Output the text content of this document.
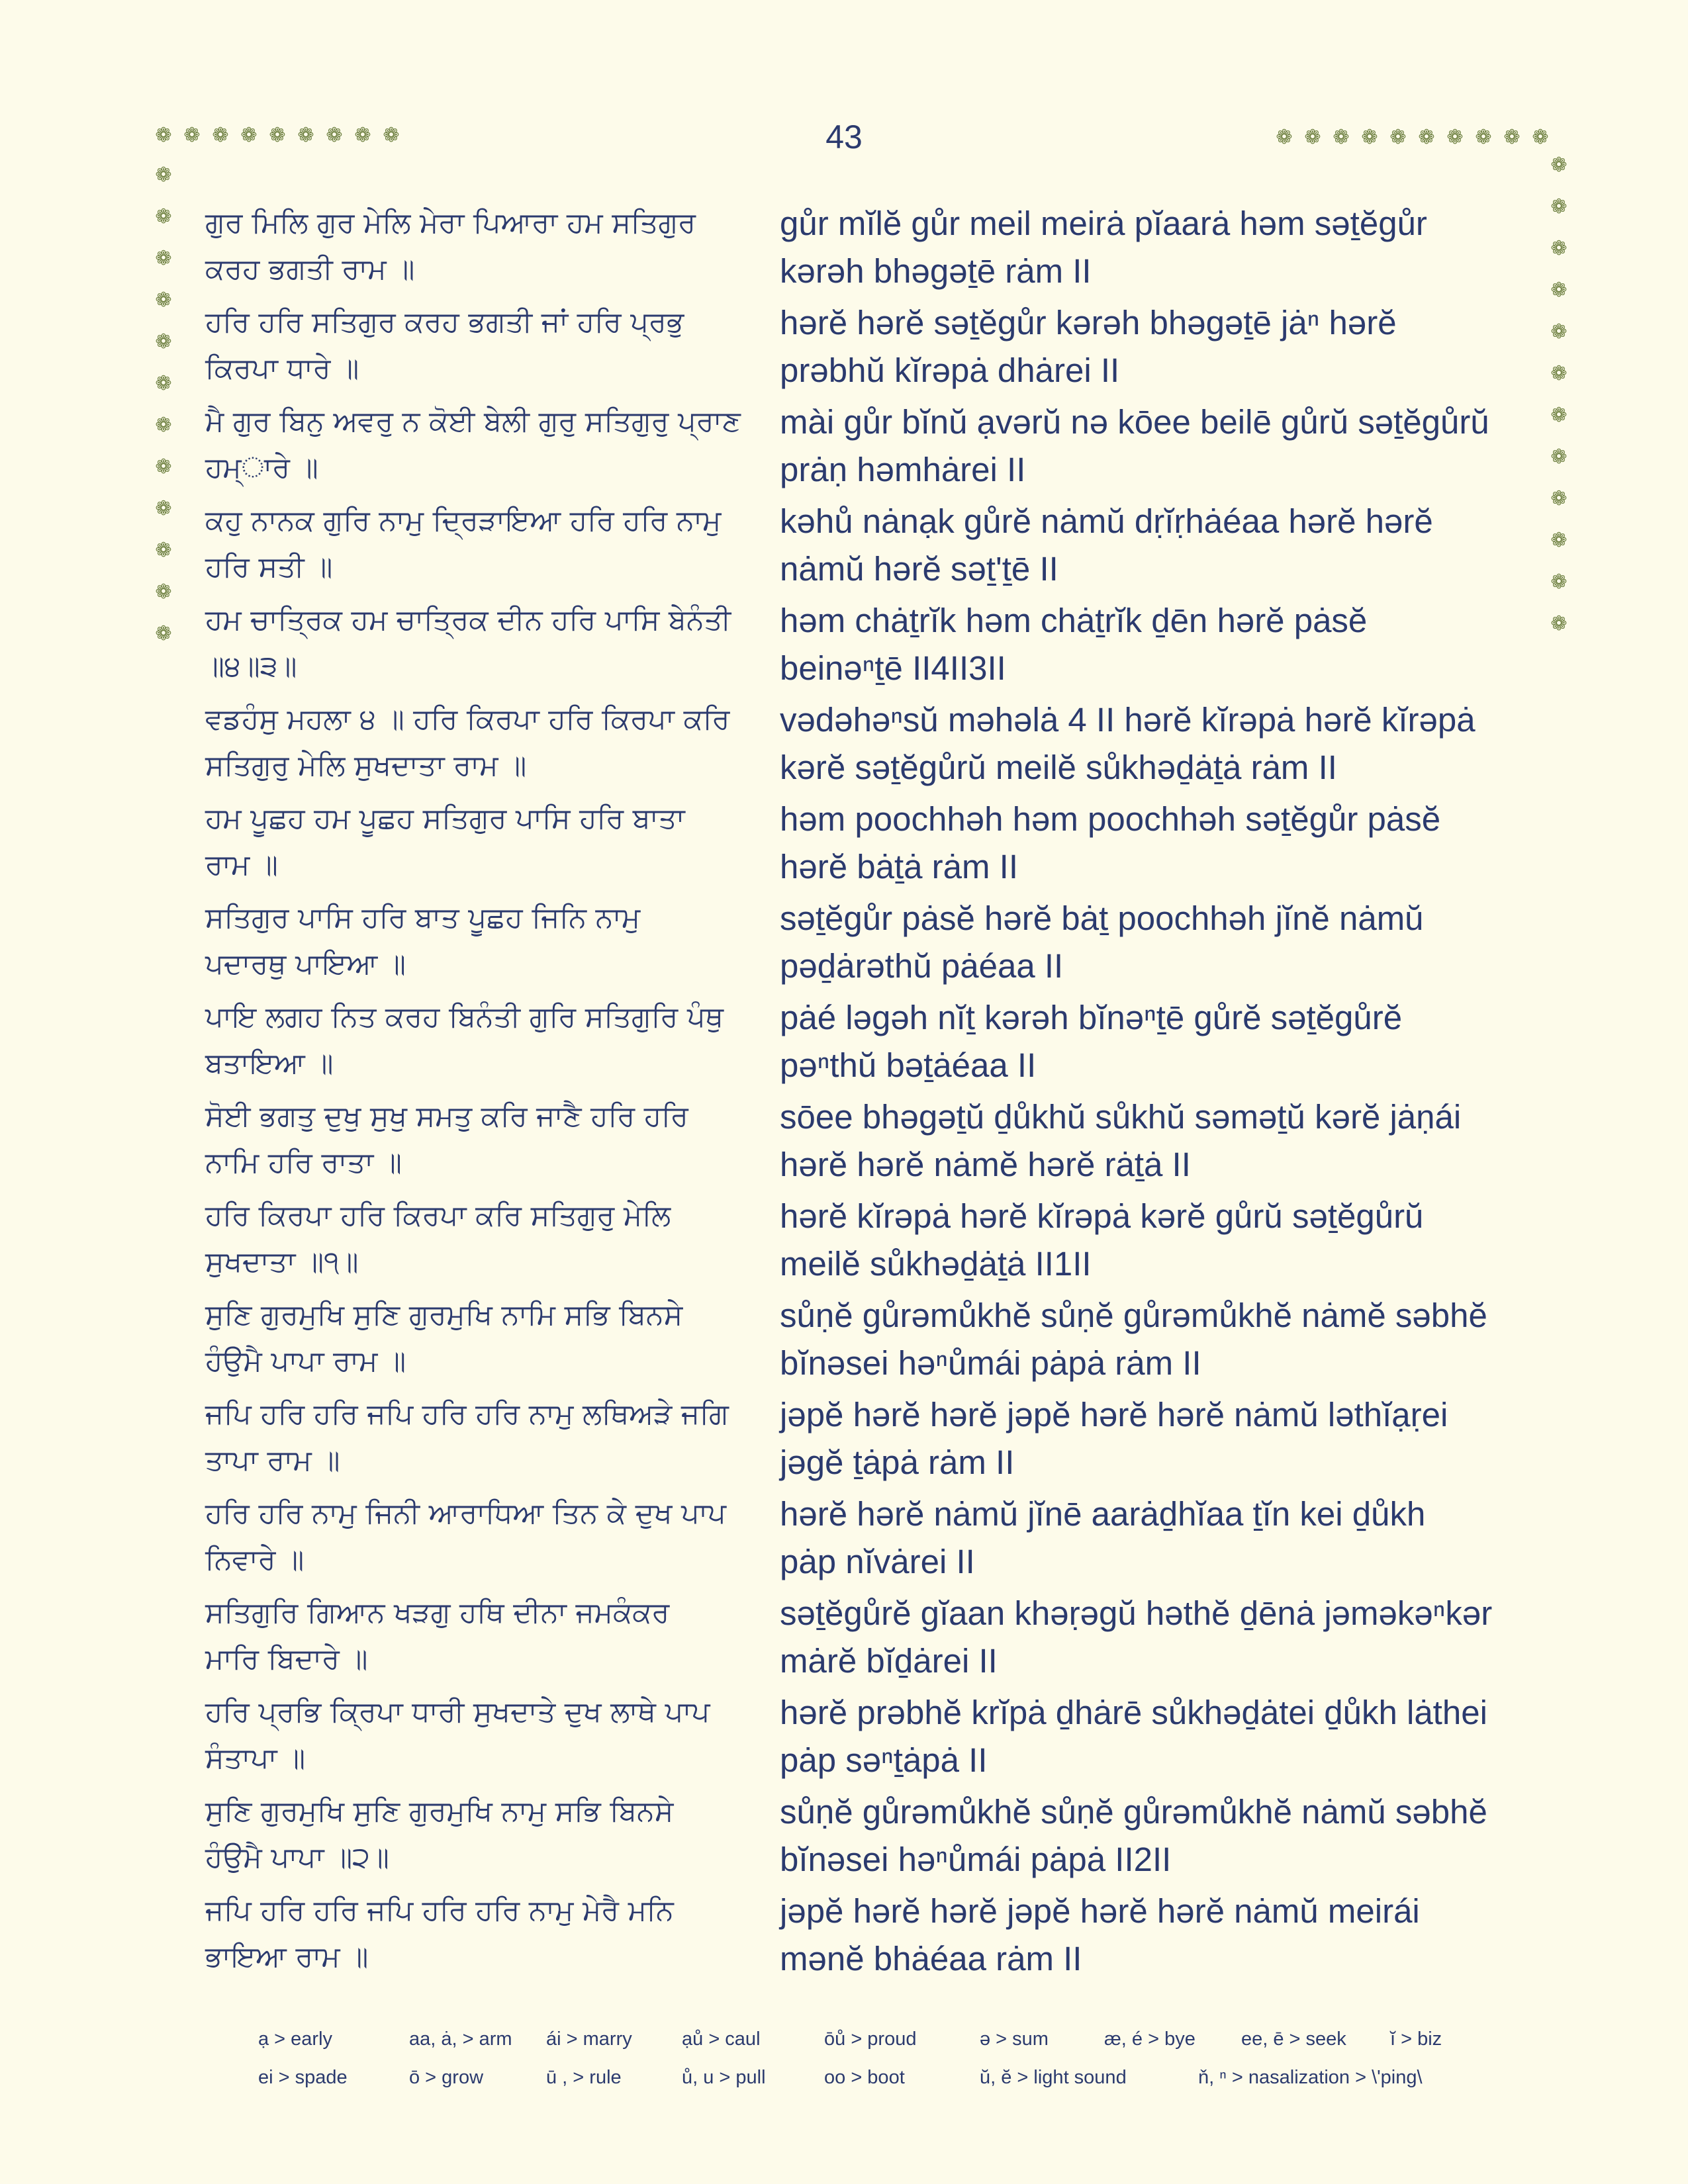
43
❁ ❁ ❁ ❁ ❁ ❁ ❁ ❁ ❁
❁
❁
❁
❁
❁
❁
❁
❁
❁
❁
❁
❁
❁ ❁ ❁ ❁ ❁ ❁ ❁ ❁ ❁ ❁
❁
❁
❁
❁
❁
❁
❁
❁
❁
❁
❁
❁
ਗੁਰ ਮਿਲਿ ਗੁਰ ਮੇਲਿ ਮੇਰਾ ਪਿਆਰਾ ਹਮ ਸਤਿਗੁਰ
ਕਰਹ ਭਗਤੀ ਰਾਮ ॥
gůr mĭlĕ gůr meil meirȧ pĭaarȧ həm səṯĕgůr
kərəh bhəgəṯē rȧm II
ਹਰਿ ਹਰਿ ਸਤਿਗੁਰ ਕਰਹ ਭਗਤੀ ਜਾਂ ਹਰਿ ਪ੍ਰਭੁ
ਕਿਰਪਾ ਧਾਰੇ ॥
hərĕ hərĕ səṯĕgůr kərəh bhəgəṯē jȧⁿ hərĕ
prəbhŭ kĭrəpȧ dhȧrei II
ਮੈ ਗੁਰ ਬਿਨੁ ਅਵਰੁ ਨ ਕੋਈ ਬੇਲੀ ਗੁਰੁ ਸਤਿਗੁਰੁ ਪ੍ਰਾਣ
ਹਮ੍ਾਰੇ ॥
mài gůr bĭnŭ ạvərŭ nə kōee beilē gůrŭ səṯĕgůrŭ
prȧṇ həmhȧrei II
ਕਹੁ ਨਾਨਕ ਗੁਰਿ ਨਾਮੁ ਦ੍ਰਿੜਾਇਆ ਹਰਿ ਹਰਿ ਨਾਮੁ
ਹਰਿ ਸਤੀ ॥
kəhů nȧnạk gůrĕ nȧmŭ dṛĭṛhȧéaa hərĕ hərĕ
nȧmŭ hərĕ səṯ'ṯē II
ਹਮ ਚਾਤ੍ਰਿਕ ਹਮ ਚਾਤ੍ਰਿਕ ਦੀਨ ਹਰਿ ਪਾਸਿ ਬੇਨੰਤੀ
॥੪॥੩॥
həm chȧṯrĭk həm chȧṯrĭk ḏēn hərĕ pȧsĕ
beinəⁿṯē II4II3II
ਵਡਹੰਸੁ ਮਹਲਾ ੪ ॥ ਹਰਿ ਕਿਰਪਾ ਹਰਿ ਕਿਰਪਾ ਕਰਿ
ਸਤਿਗੁਰੁ ਮੇਲਿ ਸੁਖਦਾਤਾ ਰਾਮ ॥
vədəhəⁿsŭ məhəlȧ 4 II hərĕ kĭrəpȧ hərĕ kĭrəpȧ
kərĕ səṯĕgůrŭ meilĕ sůkhəḏȧṯȧ rȧm II
ਹਮ ਪੂਛਹ ਹਮ ਪੂਛਹ ਸਤਿਗੁਰ ਪਾਸਿ ਹਰਿ ਬਾਤਾ
ਰਾਮ ॥
həm poochhəh həm poochhəh səṯĕgůr pȧsĕ
hərĕ bȧṯȧ rȧm II
ਸਤਿਗੁਰ ਪਾਸਿ ਹਰਿ ਬਾਤ ਪੂਛਹ ਜਿਨਿ ਨਾਮੁ
ਪਦਾਰਥੁ ਪਾਇਆ ॥
səṯĕgůr pȧsĕ hərĕ bȧṯ poochhəh jĭnĕ nȧmŭ
pəḏȧrəthŭ pȧéaa II
ਪਾਇ ਲਗਹ ਨਿਤ ਕਰਹ ਬਿਨੰਤੀ ਗੁਰਿ ਸਤਿਗੁਰਿ ਪੰਥੁ
ਬਤਾਇਆ ॥
pȧé ləgəh nĭṯ kərəh bĭnəⁿṯē gůrĕ səṯĕgůrĕ
pəⁿthŭ bəṯȧéaa II
ਸੋਈ ਭਗਤੁ ਦੁਖੁ ਸੁਖੁ ਸਮਤੁ ਕਰਿ ਜਾਣੈ ਹਰਿ ਹਰਿ
ਨਾਮਿ ਹਰਿ ਰਾਤਾ ॥
sōee bhəgəṯŭ ḏůkhŭ sůkhŭ səməṯŭ kərĕ jȧṇái
hərĕ hərĕ nȧmĕ hərĕ rȧṯȧ II
ਹਰਿ ਕਿਰਪਾ ਹਰਿ ਕਿਰਪਾ ਕਰਿ ਸਤਿਗੁਰੁ ਮੇਲਿ
ਸੁਖਦਾਤਾ ॥੧॥
hərĕ kĭrəpȧ hərĕ kĭrəpȧ kərĕ gůrŭ səṯĕgůrŭ
meilĕ sůkhəḏȧṯȧ II1II
ਸੁਣਿ ਗੁਰਮੁਖਿ ਸੁਣਿ ਗੁਰਮੁਖਿ ਨਾਮਿ ਸਭਿ ਬਿਨਸੇ
ਹੰਉਮੈ ਪਾਪਾ ਰਾਮ ॥
sůṇĕ gůrəmůkhĕ sůṇĕ gůrəmůkhĕ nȧmĕ səbhĕ
bĭnəsei həⁿůmái pȧpȧ rȧm II
ਜਪਿ ਹਰਿ ਹਰਿ ਜਪਿ ਹਰਿ ਹਰਿ ਨਾਮੁ ਲਥਿਅੜੇ ਜਗਿ
ਤਾਪਾ ਰਾਮ ॥
jəpĕ hərĕ hərĕ jəpĕ hərĕ hərĕ nȧmŭ ləthĭạṛei
jəgĕ ṯȧpȧ rȧm II
ਹਰਿ ਹਰਿ ਨਾਮੁ ਜਿਨੀ ਆਰਾਧਿਆ ਤਿਨ ਕੇ ਦੁਖ ਪਾਪ
ਨਿਵਾਰੇ ॥
hərĕ hərĕ nȧmŭ jĭnē aarȧḏhĭaa ṯĭn kei ḏůkh
pȧp nĭvȧrei II
ਸਤਿਗੁਰਿ ਗਿਆਨ ਖੜਗੁ ਹਥਿ ਦੀਨਾ ਜਮਕੰਕਰ
ਮਾਰਿ ਬਿਦਾਰੇ ॥
səṯĕgůrĕ gĭaan khəṛəgŭ həthĕ ḏēnȧ jəməkəⁿkər
mȧrĕ bĭḏȧrei II
ਹਰਿ ਪ੍ਰਭਿ ਕ੍ਰਿਪਾ ਧਾਰੀ ਸੁਖਦਾਤੇ ਦੁਖ ਲਾਥੇ ਪਾਪ
ਸੰਤਾਪਾ ॥
hərĕ prəbhĕ krĭpȧ ḏhȧrē sůkhəḏȧtei ḏůkh lȧthei
pȧp səⁿṯȧpȧ II
ਸੁਣਿ ਗੁਰਮੁਖਿ ਸੁਣਿ ਗੁਰਮੁਖਿ ਨਾਮੁ ਸਭਿ ਬਿਨਸੇ
ਹੰਉਮੈ ਪਾਪਾ ॥੨॥
sůṇĕ gůrəmůkhĕ sůṇĕ gůrəmůkhĕ nȧmŭ səbhĕ
bĭnəsei həⁿůmái pȧpȧ II2II
ਜਪਿ ਹਰਿ ਹਰਿ ਜਪਿ ਹਰਿ ਹਰਿ ਨਾਮੁ ਮੇਰੈ ਮਨਿ
ਭਾਇਆ ਰਾਮ ॥
jəpĕ hərĕ hərĕ jəpĕ hərĕ hərĕ nȧmŭ meirái
mənĕ bhȧéaa rȧm II
ạ > early	aa, ȧ, > arm ái > marry	ạů > caul	ōů > proud	ə > sum	æ, é > bye ee, ē > seek ĭ > biz
ei > spade	ō > grow	ū , > rule	ů, u > pull	oo > boot	ŭ, ĕ > light sound	ň, ⁿ > nasalization > \'ping\
